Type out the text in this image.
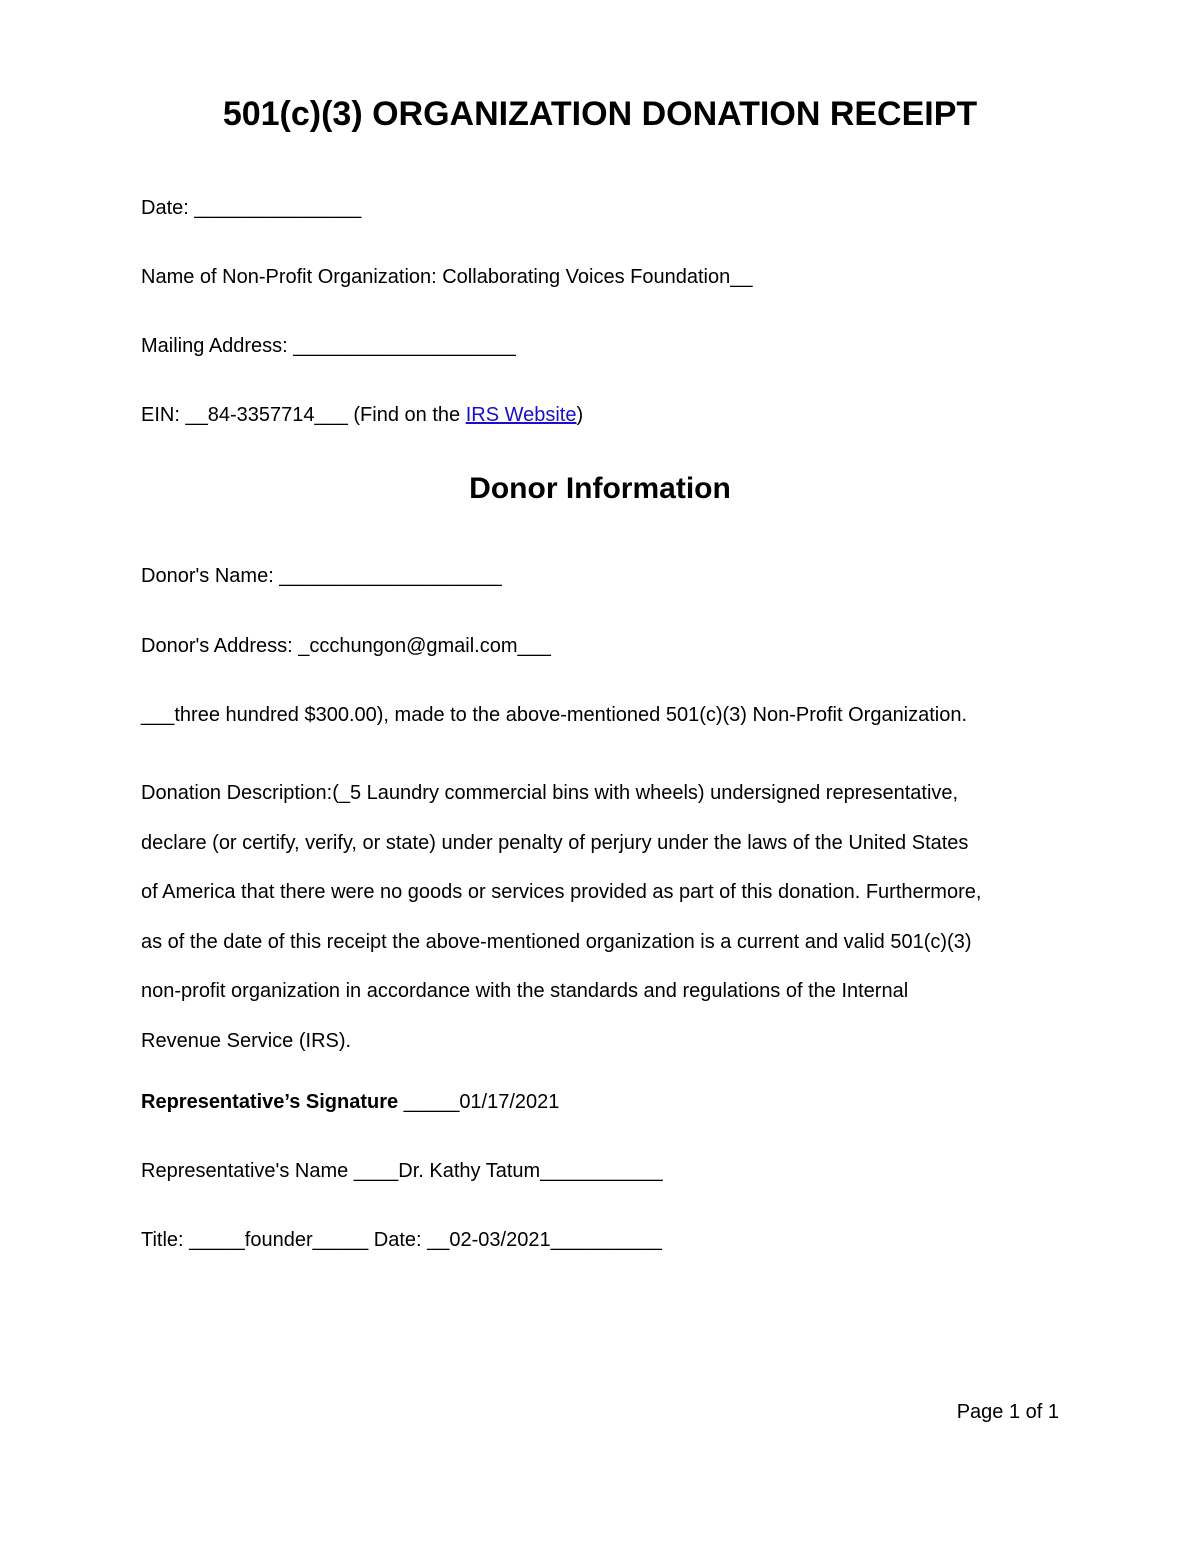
501(c)(3) ORGANIZATION DONATION RECEIPT

Date: _______________

Name of Non-Profit Organization: Collaborating Voices Foundation__

Mailing Address: ____________________

EIN: __84-3357714___ (Find on the IRS Website)

Donor Information

Donor's Name: ____________________

Donor's Address: _ccchungon@gmail.com___

___three hundred $300.00), made to the above-mentioned 501(c)(3) Non-Profit Organization.

Donation Description:(_5 Laundry commercial bins with wheels) undersigned representative,
declare (or certify, verify, or state) under penalty of perjury under the laws of the United States
of America that there were no goods or services provided as part of this donation. Furthermore,
as of the date of this receipt the above-mentioned organization is a current and valid 501(c)(3)
non-profit organization in accordance with the standards and regulations of the Internal
Revenue Service (IRS).

Representative’s Signature _____01/17/2021

Representative's Name ____Dr. Kathy Tatum___________

Title: _____founder_____ Date: __02-03/2021__________

Page 1 of 1
